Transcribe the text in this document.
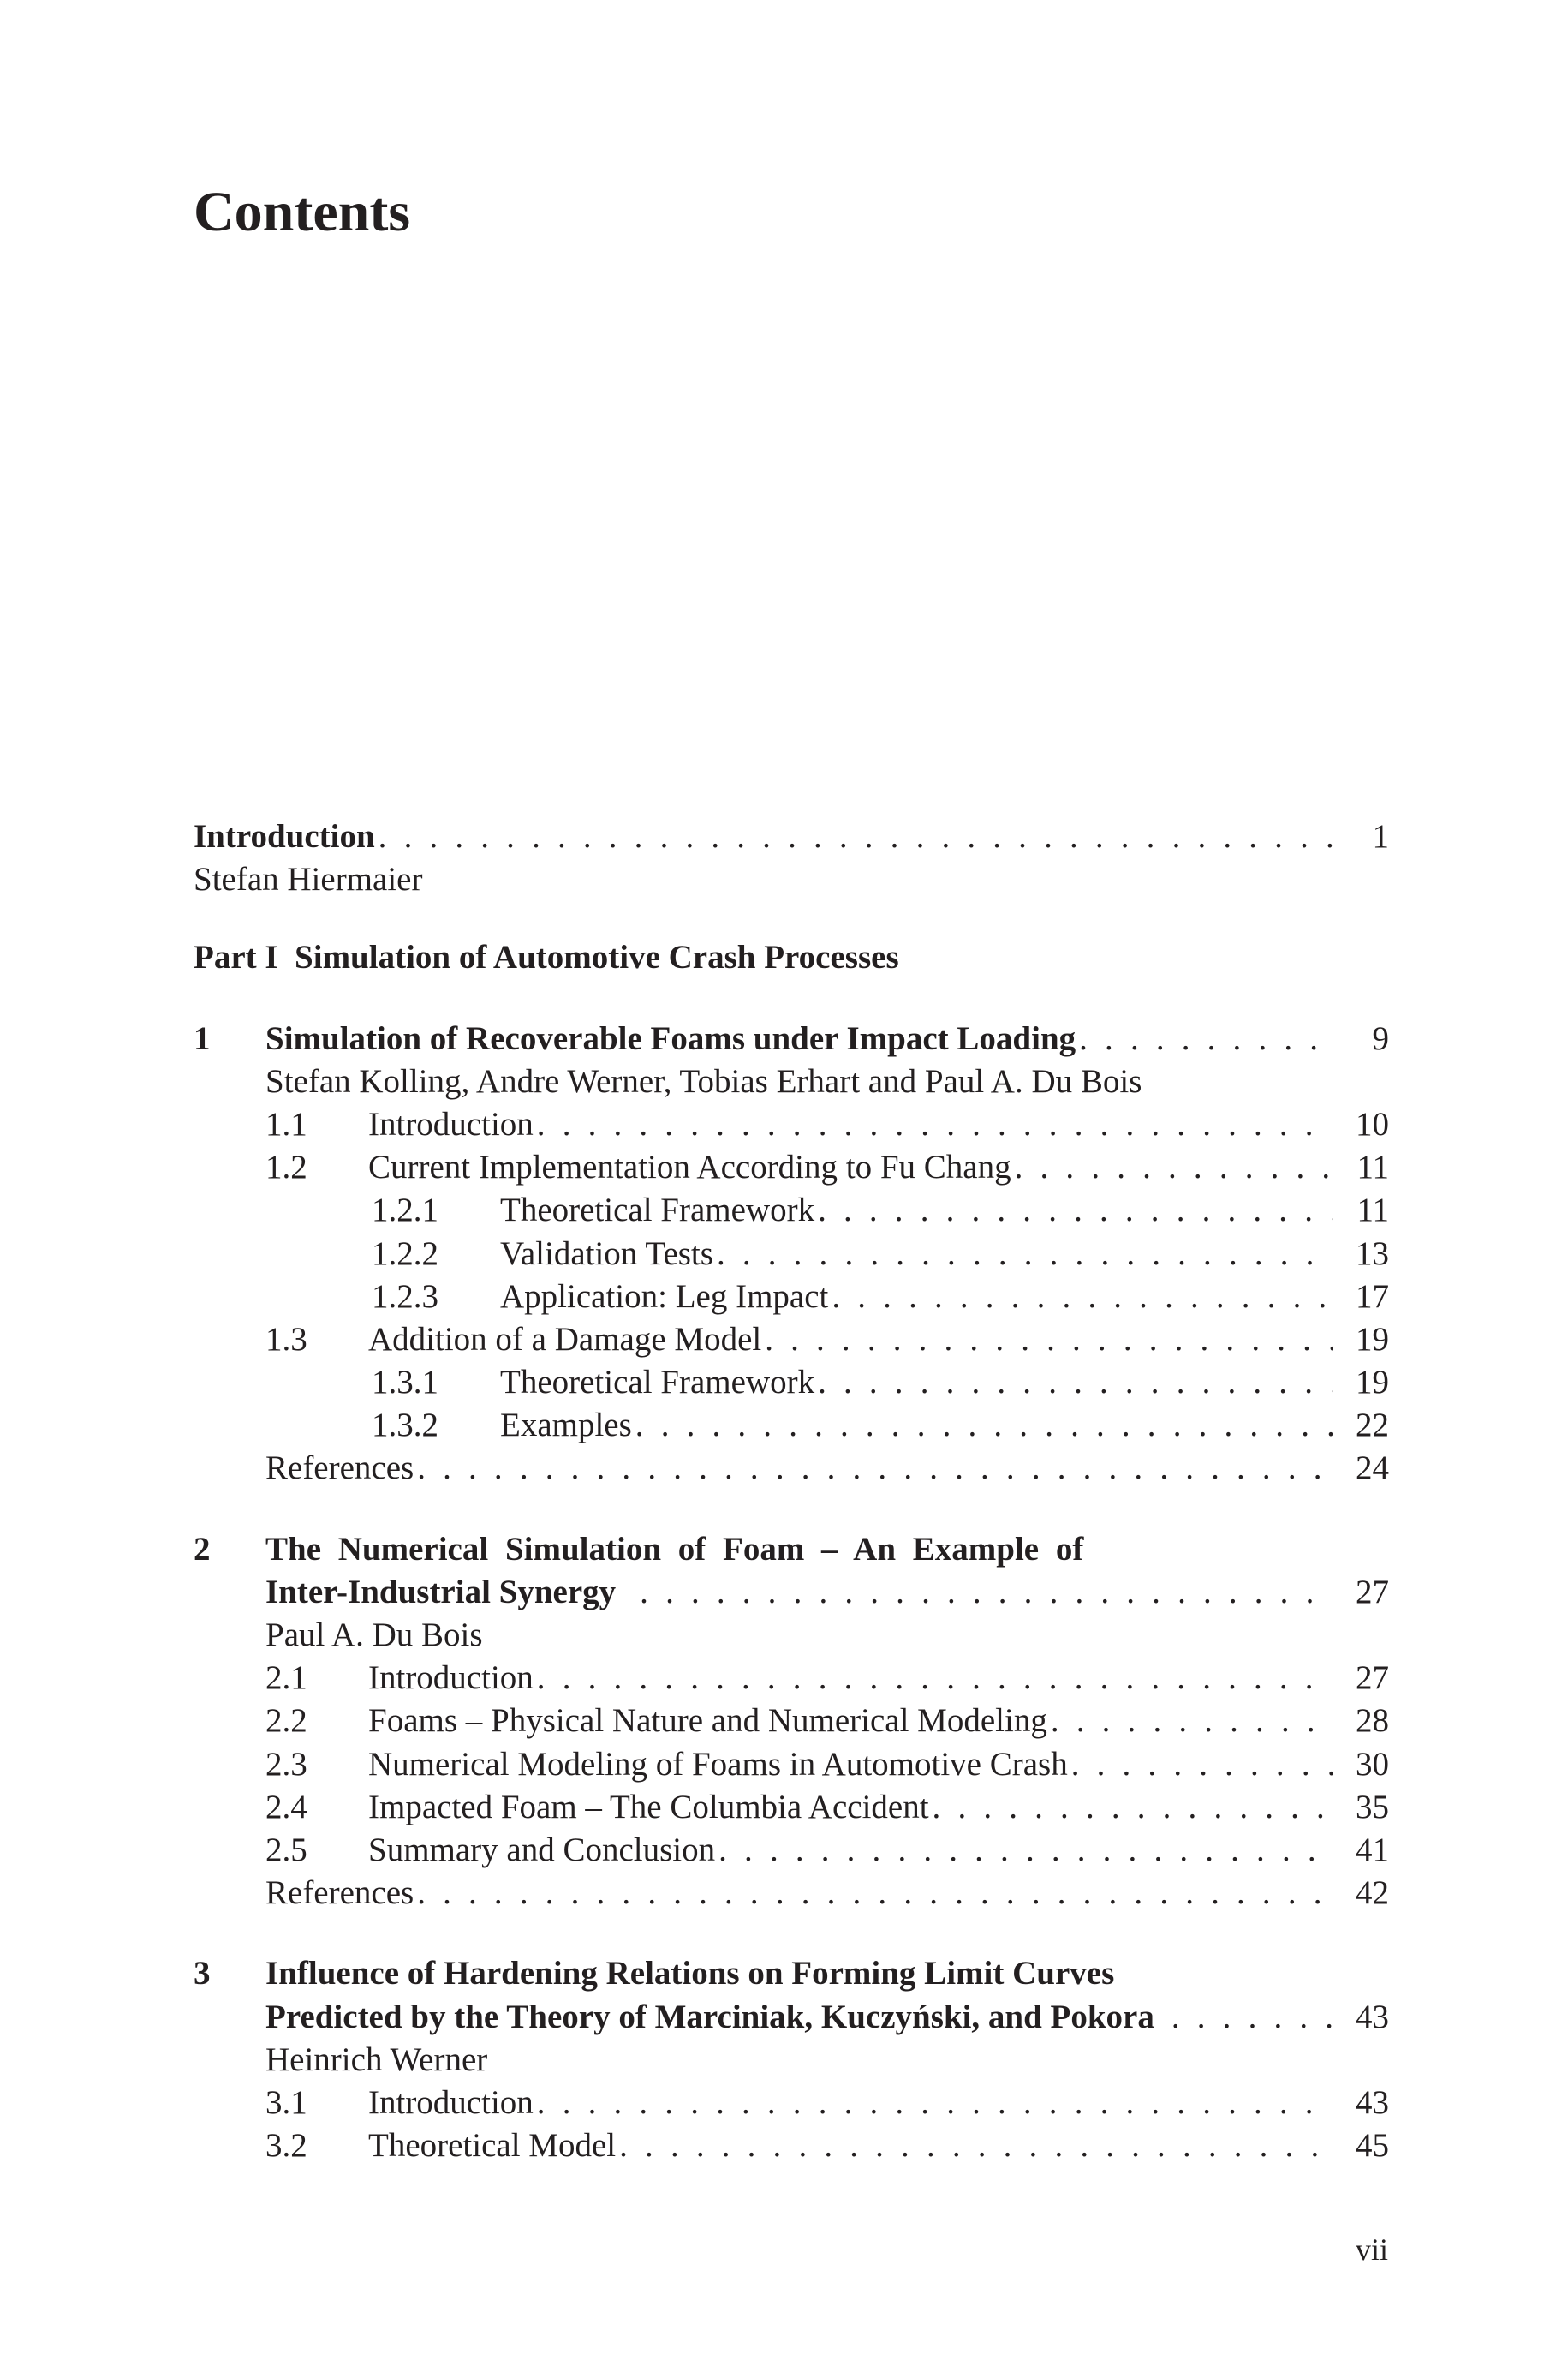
Contents
Introduction . . .	1
Stefan Hiermaier
Part I  Simulation of Automotive Crash Processes
1 Simulation of Recoverable Foams under Impact Loading . . .	9
Stefan Kolling, Andre Werner, Tobias Erhart and Paul A. Du Bois
1.1 Introduction . . .	10
1.2 Current Implementation According to Fu Chang . . .	11
1.2.1 Theoretical Framework . . .	11
1.2.2 Validation Tests . . .	13
1.2.3 Application: Leg Impact . . .	17
1.3 Addition of a Damage Model . . .	19
1.3.1 Theoretical Framework . . .	19
1.3.2 Examples . . .	22
References . . .	24
2 The Numerical Simulation of Foam – An Example of
Inter-Industrial Synergy . . .	27
Paul A. Du Bois
2.1 Introduction . . .	27
2.2 Foams – Physical Nature and Numerical Modeling . . .	28
2.3 Numerical Modeling of Foams in Automotive Crash . . .	30
2.4 Impacted Foam – The Columbia Accident . . .	35
2.5 Summary and Conclusion . . .	41
References . . .	42
3 Influence of Hardening Relations on Forming Limit Curves
Predicted by the Theory of Marciniak, Kuczyński, and Pokora . . .	43
Heinrich Werner
3.1 Introduction . . .	43
3.2 Theoretical Model . . .	45
vii
